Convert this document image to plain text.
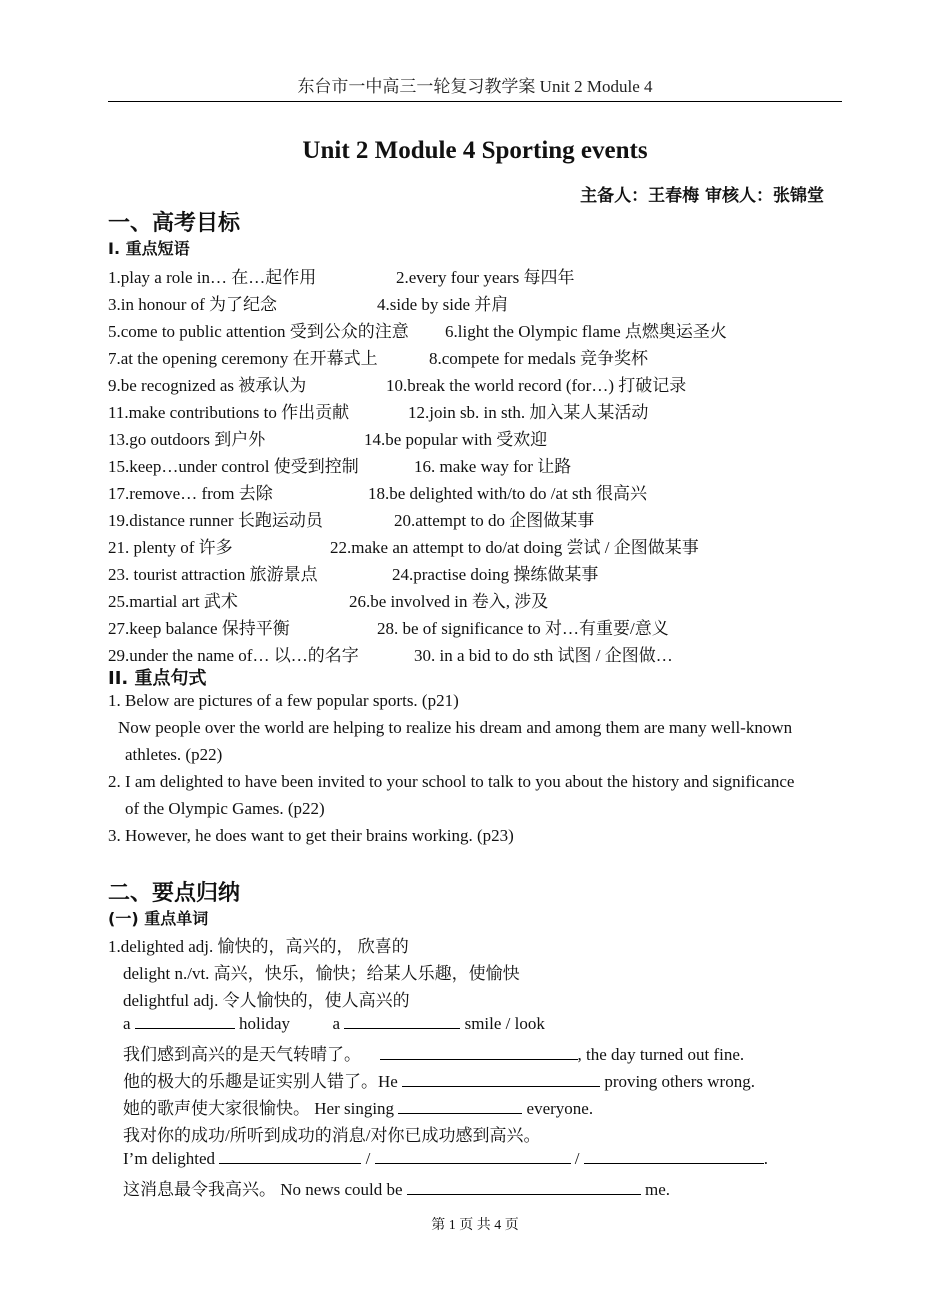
东台市一中高三一轮复习教学案 Unit 2 Module 4
Unit 2 Module 4 Sporting events
主备人：王春梅 审核人：张锦堂
一、高考目标
I. 重点短语
1.play a role in… 在…起作用	2.every four years 每四年
3.in honour of 为了纪念	4.side by side 并肩
5.come to public attention 受到公众的注意 6.light the Olympic flame 点燃奥运圣火
7.at the opening ceremony 在开幕式上	8.compete for medals 竞争奖杯
9.be recognized as 被承认为	10.break the world record (for…) 打破记录
11.make contributions to 作出贡献	12.join sb. in sth. 加入某人某活动
13.go outdoors 到户外	14.be popular with 受欢迎
15.keep…under control 使受到控制	16. make way for 让路
17.remove… from 去除	18.be delighted with/to do /at sth 很高兴
19.distance runner 长跑运动员	20.attempt to do 企图做某事
21. plenty of 许多	22.make an attempt to do/at doing 尝试 / 企图做某事
23. tourist attraction 旅游景点	24.practise doing 操练做某事
25.martial art 武术	26.be involved in 卷入, 涉及
27.keep balance 保持平衡	28. be of significance to 对…有重要/意义
29.under the name of… 以…的名字	30. in a bid to do sth 试图 / 企图做…
II. 重点句式
1. Below are pictures of a few popular sports. (p21)
Now people over the world are helping to realize his dream and among them are many well-known
athletes. (p22)
2. I am delighted to have been invited to your school to talk to you about the history and significance
of the Olympic Games. (p22)
3. However, he does want to get their brains working. (p23)
二、要点归纳
(一) 重点单词
1.delighted adj. 愉快的，高兴的， 欣喜的
delight n./vt. 高兴，快乐，愉快；给某人乐趣，使愉快
delightful adj. 令人愉快的，使人高兴的
a	holiday	a	smile / look
我们感到高兴的是天气转晴了。	, the day turned out fine.
他的极大的乐趣是证实别人错了。He	proving others wrong.
她的歌声使大家很愉快。 Her singing	everyone.
我对你的成功/所听到成功的消息/对你已成功感到高兴。
I’m delighted	/	/	.
这消息最令我高兴。 No news could be	me.
第 1 页 共 4 页
